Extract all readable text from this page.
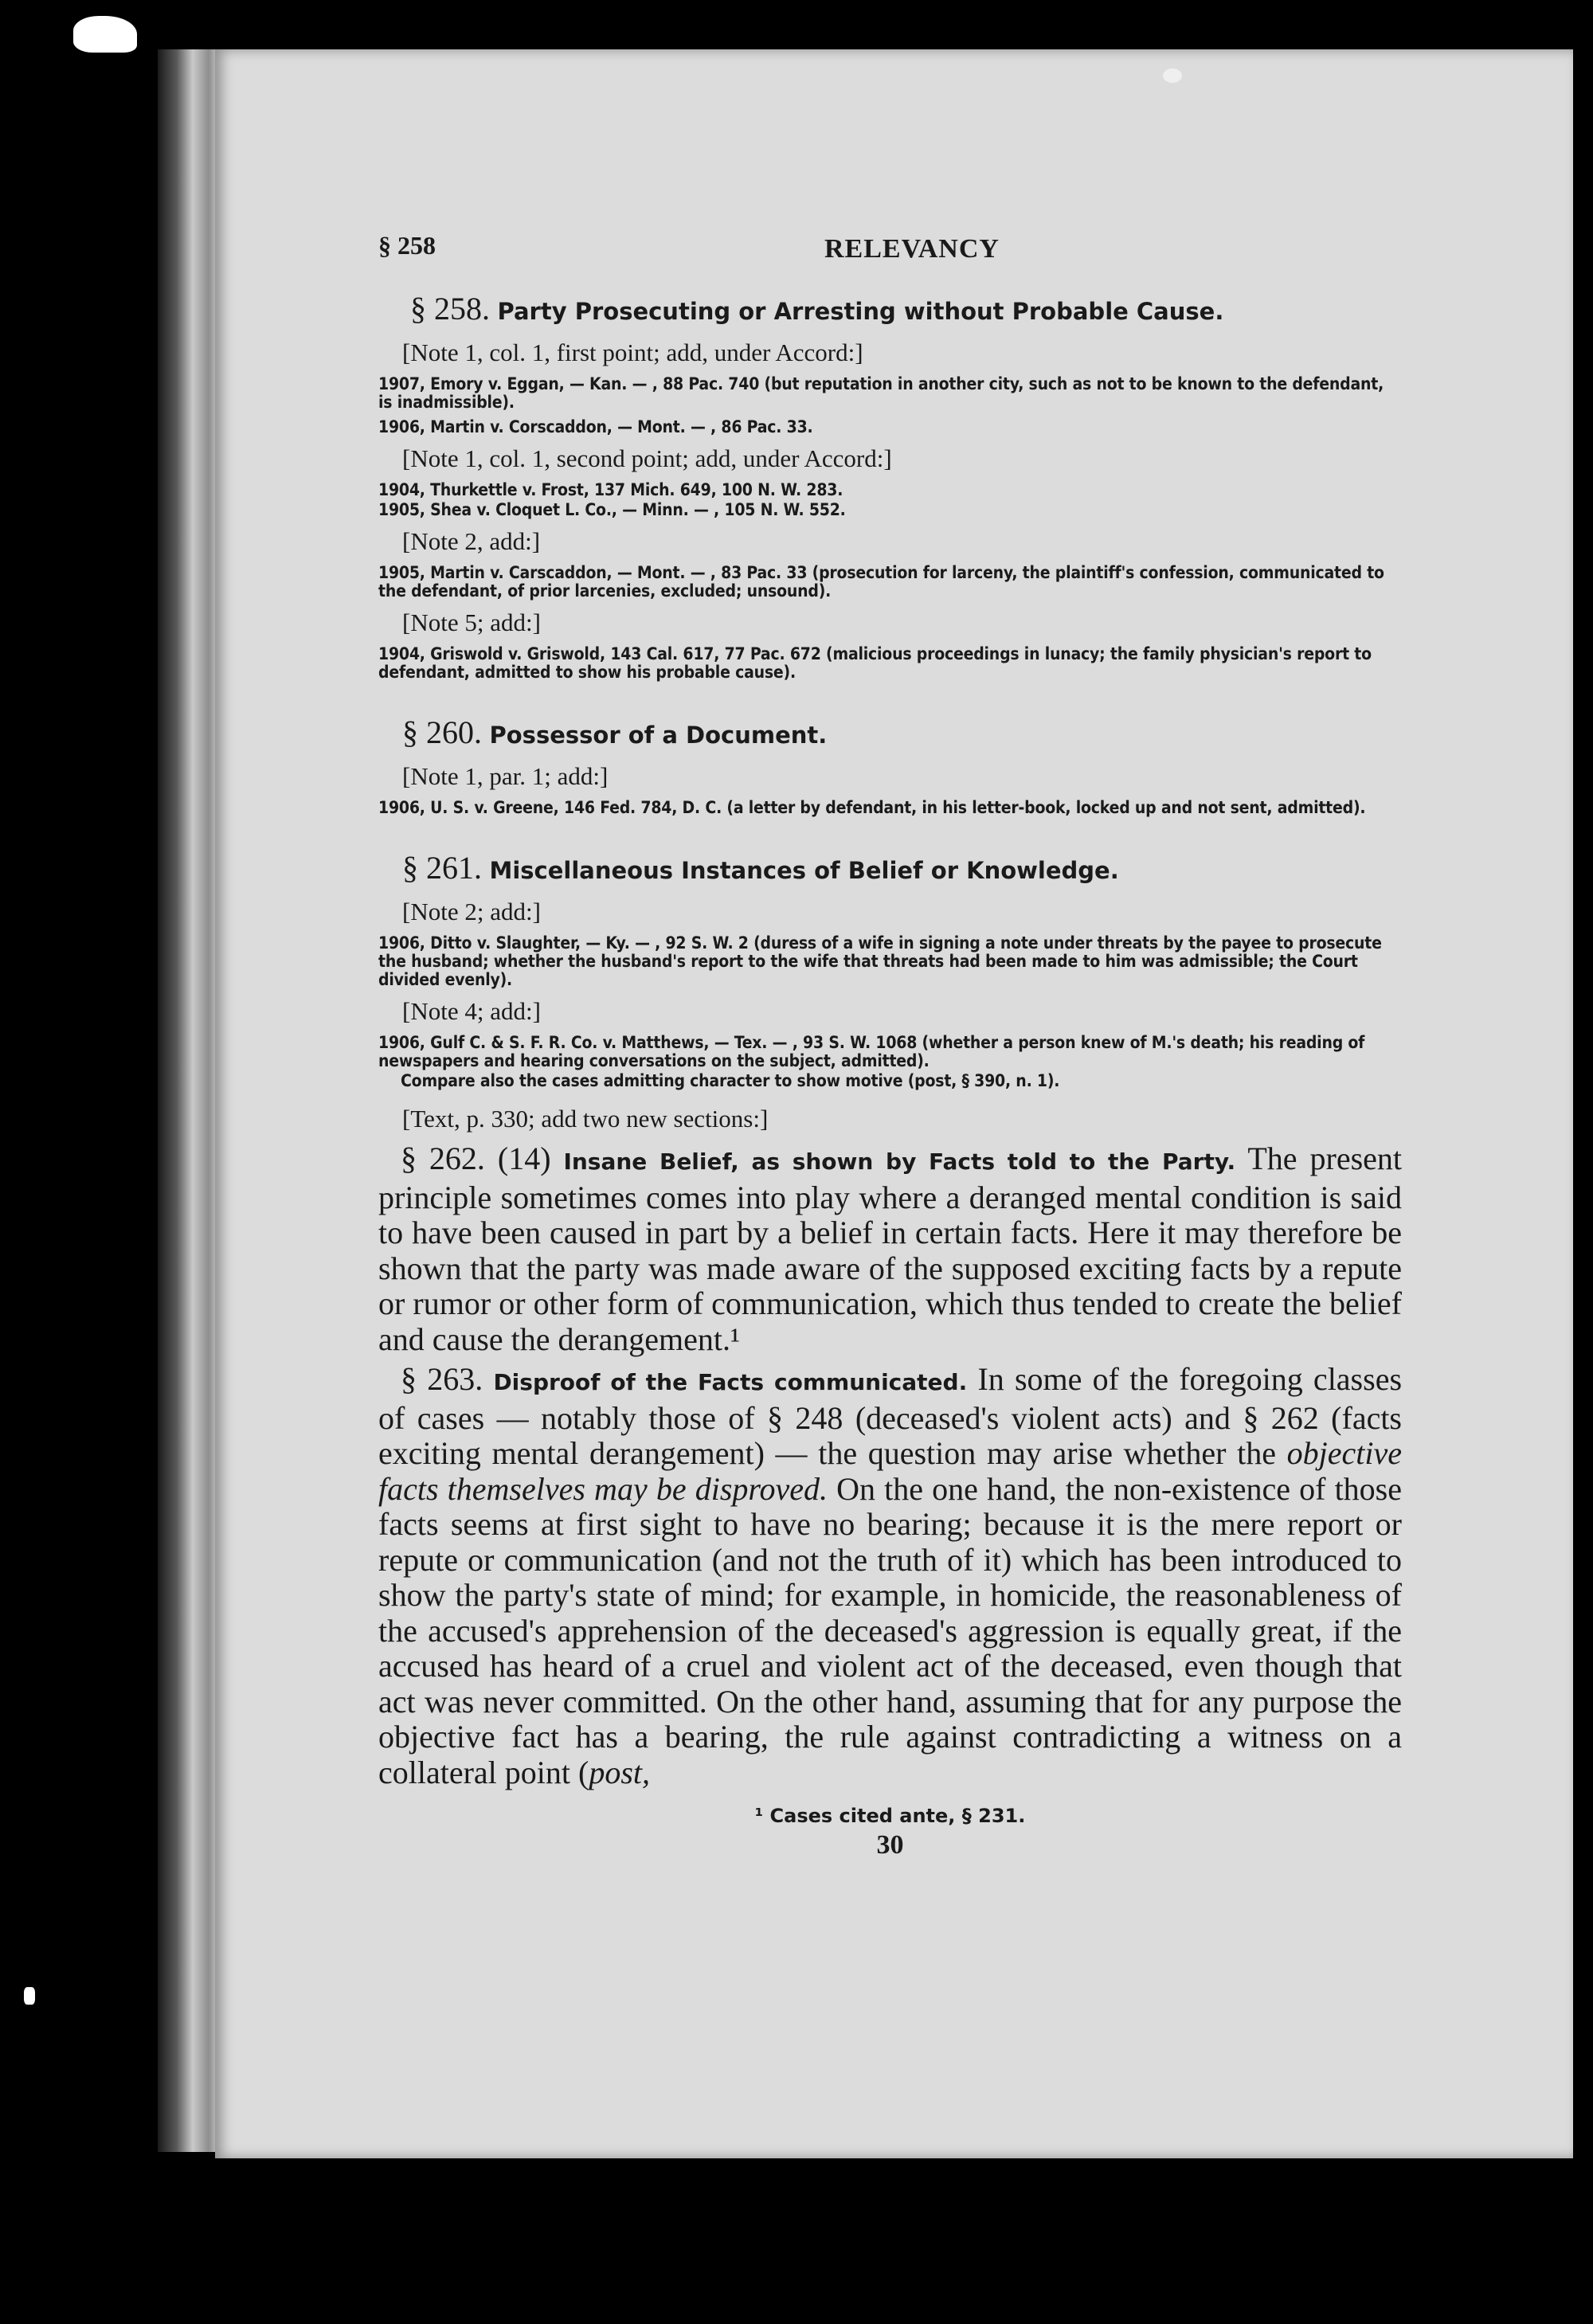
§ 258	RELEVANCY
§ 258. Party Prosecuting or Arresting without Probable Cause.
[Note 1, col. 1, first point; add, under Accord:]
1907, Emory v. Eggan, — Kan. — , 88 Pac. 740 (but reputation in another city, such as not to be known to the defendant, is inadmissible).
1906, Martin v. Corscaddon, — Mont. — , 86 Pac. 33.
[Note 1, col. 1, second point; add, under Accord:]
1904, Thurkettle v. Frost, 137 Mich. 649, 100 N. W. 283.
1905, Shea v. Cloquet L. Co., — Minn. — , 105 N. W. 552.
[Note 2, add:]
1905, Martin v. Carscaddon, — Mont. — , 83 Pac. 33 (prosecution for larceny, the plaintiff's confession, communicated to the defendant, of prior larcenies, excluded; unsound).
[Note 5; add:]
1904, Griswold v. Griswold, 143 Cal. 617, 77 Pac. 672 (malicious proceedings in lunacy; the family physician's report to defendant, admitted to show his probable cause).
§ 260. Possessor of a Document.
[Note 1, par. 1; add:]
1906, U. S. v. Greene, 146 Fed. 784, D. C. (a letter by defendant, in his letter-book, locked up and not sent, admitted).
§ 261. Miscellaneous Instances of Belief or Knowledge.
[Note 2; add:]
1906, Ditto v. Slaughter, — Ky. — , 92 S. W. 2 (duress of a wife in signing a note under threats by the payee to prosecute the husband; whether the husband's report to the wife that threats had been made to him was admissible; the Court divided evenly).
[Note 4; add:]
1906, Gulf C. & S. F. R. Co. v. Matthews, — Tex. — , 93 S. W. 1068 (whether a person knew of M.'s death; his reading of newspapers and hearing conversations on the subject, admitted).
Compare also the cases admitting character to show motive (post, § 390, n. 1).
[Text, p. 330; add two new sections:]

§ 262. (14) Insane Belief, as shown by Facts told to the Party. The present principle sometimes comes into play where a deranged mental condition is said to have been caused in part by a belief in certain facts. Here it may therefore be shown that the party was made aware of the supposed exciting facts by a repute or rumor or other form of communication, which thus tended to create the belief and cause the derangement.¹

§ 263. Disproof of the Facts communicated. In some of the foregoing classes of cases — notably those of § 248 (deceased's violent acts) and § 262 (facts exciting mental derangement) — the question may arise whether the objective facts themselves may be disproved. On the one hand, the non-existence of those facts seems at first sight to have no bearing; because it is the mere report or repute or communication (and not the truth of it) which has been introduced to show the party's state of mind; for example, in homicide, the reasonableness of the accused's apprehension of the deceased's aggression is equally great, if the accused has heard of a cruel and violent act of the deceased, even though that act was never committed. On the other hand, assuming that for any purpose the objective fact has a bearing, the rule against contradicting a witness on a collateral point (post,

¹ Cases cited ante, § 231.
30
